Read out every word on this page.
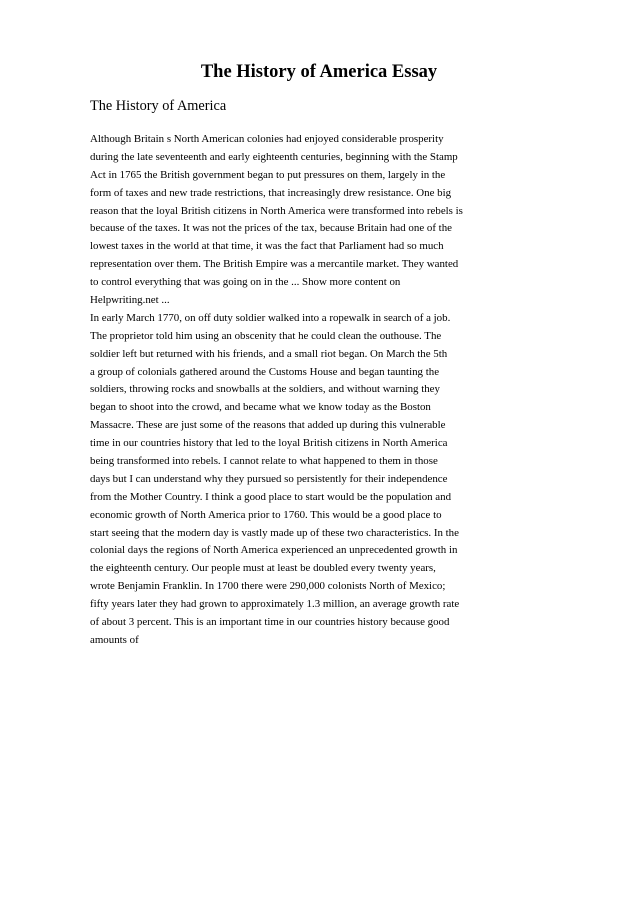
The History of America Essay

The History of America

Although Britain s North American colonies had enjoyed considerable prosperity
during the late seventeenth and early eighteenth centuries, beginning with the Stamp
Act in 1765 the British government began to put pressures on them, largely in the
form of taxes and new trade restrictions, that increasingly drew resistance. One big
reason that the loyal British citizens in North America were transformed into rebels is
because of the taxes. It was not the prices of the tax, because Britain had one of the
lowest taxes in the world at that time, it was the fact that Parliament had so much
representation over them. The British Empire was a mercantile market. They wanted
to control everything that was going on in the ... Show more content on
Helpwriting.net ...
In early March 1770, on off duty soldier walked into a ropewalk in search of a job.
The proprietor told him using an obscenity that he could clean the outhouse. The
soldier left but returned with his friends, and a small riot began. On March the 5th
a group of colonials gathered around the Customs House and began taunting the
soldiers, throwing rocks and snowballs at the soldiers, and without warning they
began to shoot into the crowd, and became what we know today as the Boston
Massacre. These are just some of the reasons that added up during this vulnerable
time in our countries history that led to the loyal British citizens in North America
being transformed into rebels. I cannot relate to what happened to them in those
days but I can understand why they pursued so persistently for their independence
from the Mother Country. I think a good place to start would be the population and
economic growth of North America prior to 1760. This would be a good place to
start seeing that the modern day is vastly made up of these two characteristics. In the
colonial days the regions of North America experienced an unprecedented growth in
the eighteenth century. Our people must at least be doubled every twenty years,
wrote Benjamin Franklin. In 1700 there were 290,000 colonists North of Mexico;
fifty years later they had grown to approximately 1.3 million, an average growth rate
of about 3 percent. This is an important time in our countries history because good
amounts of
